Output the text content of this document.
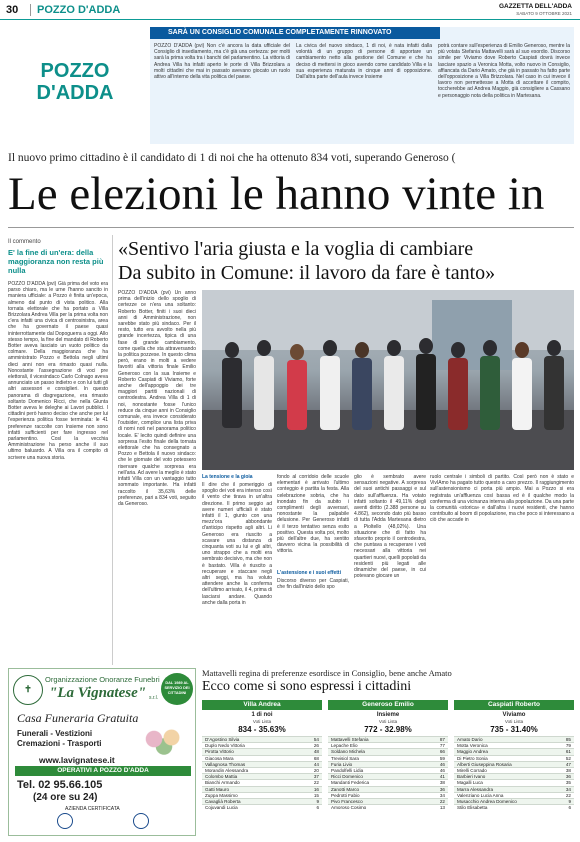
30	POZZO D'ADDA	GAZZETTA DELL'ADDA
SABATO 9 OTTOBRE 2021
POZZO
D'ADDA
SARÀ UN CONSIGLIO COMUNALE COMPLETAMENTE RINNOVATO
POZZO D'ADDA (pvi) Non c'è ancora la data ufficiale del Consiglio di insediamento, ma c'è già una certezza: per molti sarà la prima volta tra i banchi del parlamentino. La vittoria di Andrea Villa ha infatti aperto le porte di Villa Brizzolara a molti cittadini che mai in passato avevano giocato un ruolo attivo all'interno della vita politica del paese.
La civica del nuovo sindaco, 1 di noi, è nata infatti dalla volontà di un gruppo di persone di apportare un cambiamento netto alla gestione del Comune e che ha deciso di mettersi in gioco avendo come candidato Villa e la sua esperienza maturata in cinque anni di opposizione. Dall'altra parte dell'aula invece Insieme
potrà contare sull'esperienza di Emilio Generoso, mentre la più votata Stefania Mattavelli sarà al suo esordio. Discorso simile per Viviamo dove Roberto Caspiati dovrà invece lasciare spazio a Veronica Motta, volto nuovo in Consiglio, affiancata da Dario Amato, che già in passato ha fatto parte dell'opposizione a Villa Brizzolara. Nel caso in cui invece il lavoro non permettesse a Motta di accettare il compito, toccherebbe ad Andrea Maggio, già consigliere a Cassano e personaggio nota della politica in Martesana.
Il nuovo primo cittadino è il candidato di 1 di noi che ha ottenuto 834 voti, superando Generoso (
Le elezioni le hanno vinte in
Il commento
E' la fine di un'era: della maggioranza non resta più nulla
POZZO D'ADDA (pvi) Già prima del voto era parso chiaro, ma le urne l'hanno sancito in maniera ufficiale: a Pozzo è finita un'epoca, almeno dal punto di vista politico. Alla tornata elettorale che ha portato a Villa Brizzolara Andrea Villa per la prima volta non c'era infatti una civica di centrosinistra, area che ha governato il paese quasi ininterrottamente dal Dopoguerra a oggi. Allo stesso tempo, la fine del mandato di Roberto Botter aveva lasciato un vuoto politico da colmare. Della maggioranza che ha amministrato Pozzo e Bettola negli ultimi dieci anni non era rimasto quasi nulla. Nonostante l'assegnazione di voci pre elettorali, il vicesindaco Carlo Colnago aveva annunciato un passo indietro e con lui tutti gli altri assessori e consiglieri. In questo panorama di disgregazione, era rimasto soltanto Domenico Ricci, che nella Giunta Botter aveva le deleghe ai Lavori pubblici. I cittadini però hanno deciso che anche per lui l'esperienza politica fosse terminata: le 41 preferenze raccolte con Insieme non sono infatti sufficienti per fare ingresso nel parlamentino. Così la vecchia Amministrazione ha perso anche il suo ultimo baluardo. A Villa ora il compito di scrivere una nuova storia.
«Sentivo l'aria giusta e la voglia di cambiare
Da subito in Comune: il lavoro da fare è tanto»
POZZO D'ADDA (pvi) Un anno prima dell'inizio dello spoglio di certezze ce n'era una soltanto: Roberto Botter, finiti i suoi dieci anni di Amministrazione, non sarebbe stato più sindaco. Per il resto, tutto era avvolto nella più grande incertezza, tipica di una fase di grande cambiamento, come quella che sta attraversando la politica pozzese. In questo clima però, erano in molti a vedere favoriti alla vittoria finale Emilio Generoso con la sua Insieme e Roberto Caspiati di Viviamo, forte anche dell'appoggio dei tre maggiori partiti nazionali di centrodestra. Andrea Villa di 1 di noi, nonostante fosse l'unico reduce da cinque anni in Consiglio comunale, era invece considerato l'outsider, complice una lista priva di nomi noti nel panorama politico locale. E' lecito quindi definire una sorpresa l'esito finale della tornata elettorale che ha consegnato a Pozzo e Bettola il nuovo sindaco: che le giornate del voto potessero riservare qualche sorpresa era nell'aria. Ad avere la meglio è stato infatti Villa con un vantaggio tutto sommato importante. Ha infatti raccolto il 35,63% delle preferenze, pari a 834 voti, seguito da Generoso.
La tensione e la gioia
Il dire che il pomeriggio di spoglio dei voti era intenso così il vento che tirava in un'altra direzione. Il primo seggio ad avere numeri ufficiali è stato infatti il 1, giunto con una mezz'ora abbondante d'anticipo rispetto agli altri. Li Generoso era riuscito a scavare una distanza di cinquanta voti su lui e gli altri, uno strappo che a molti era sembrato decisivo, ma che non è bastato. Villa è riuscito a recuperare e staccare negli altri seggi, ma ha voluto attendere anche la conferma dell'ultimo arrivato, il 4, prima di lasciarsi andare. Quando anche dalla porta in
fondo al corridoio delle scuole elementari è arrivato l'ultimo conteggio è partita la festa. Alla celebrazione sobria, che ha inondato fin da subito i complimenti degli avversari, nonostante la palpabile delusione. Per Generoso infatti è il terzo tentativo senza esito positivo. Questa volta poi, molto più dell'altre due, ha sentito davvero vicina la possibilità di vittoria.
L'astensione e i suoi effetti
Discorso diverso per Caspiati, che fin dall'inizio dello spo
glio è sembrato avere sensazioni negative. A sorpresa del suoi antichi passaggi e sul dato sull'affluenza. Ha votato infatti soltanto il 49,11% degli aventi diritto (2.388 persone su 4.862), secondo dato più basso di tutta l'Adda Martesana dietro a Pioltello (48,02%). Una situazione che di fatto ha sfavorito proprio il centrodestra, che puntava a recuperare i voti necessari alla vittoria nei quartieri nuovi, quelli popolati da residenti più legati alle dinamiche del paese, in cui potevano giocare un
ruolo centrale i simboli di partito. Così però non è stato e VivIAmo ha pagato tutto questo a caro prezzo. Il raggiungimento sull'astensionismo ci porta più ampio. Mai a Pozzo si era registrata un'affluenza così bassa ed è il qualche modo la conferma di una vicinanza interna alla popolazione. Da una parte la comunità «storica» e dall'altra i nuovi residenti, che hanno contribuito al boom di popolazione, ma che poco si interessano a ciò che accade in
Organizzazione Onoranze Funebri
✝	"La Vignatese" s.r.l.
DAL 1989 AL SERVIZIO DEI CITTADINI
Casa Funeraria Gratuita
Funerali - Vestizioni
Cremazioni - Trasporti
www.lavignatese.it
OPERATIVI A POZZO D'ADDA
Tel. 02 95.66.105
(24 ore su 24)
AZIENDA CERTIFICATA
Mattavelli regina di preferenze esordisce in Consiglio, bene anche Amato
Ecco come si sono espressi i cittadini
Villa Andrea
1 di noi
Voti Lista
834 - 35.63%
D'Agostino Silvia	54
Duplo Nedo Vittoria	26
Pirotta Vittorio	48
Giacosa Mara	68
Vallagnosa Thomas	44
Morandin Alessandra	20
Colombo Mattia	37
Bianchi Armando	22
Gatti Mauro	16
Zuppa Massimo	15
Cavaglià Roberta	9
Cojuvandi Lucia	6
Generoso Emilio
Insieme
Voti Lista
772 - 32.98%
Mattavelli Stefania	87
Lepache Elio	77
Soldano Michela	66
Trevisiol Sara	59
Furia Livio	46
Pandolfelli Lidia	46
Ricci Domenico	41
Mandanti Federica	38
Zanotti Marco	36
Pedrotti Fabio	34
Pivo Francesco	22
Amoroso Cosimo	13
Caspiati Roberto
Viviamo
Voti Lista
735 - 31.40%
Amato Dario	85
Motta Veronica	79
Maggio Andrea	61
Di Pietro Sonia	52
Alberti Giuseppina Rosaria	47
Mirelli Corrado	38
Barbieri Ivano	36
Magalli Luca	35
Marra Alessandra	34
Valenziano Lucia Anna	22
Musacchio Andrea Domenico	9
Stilo Elisabetta	6
